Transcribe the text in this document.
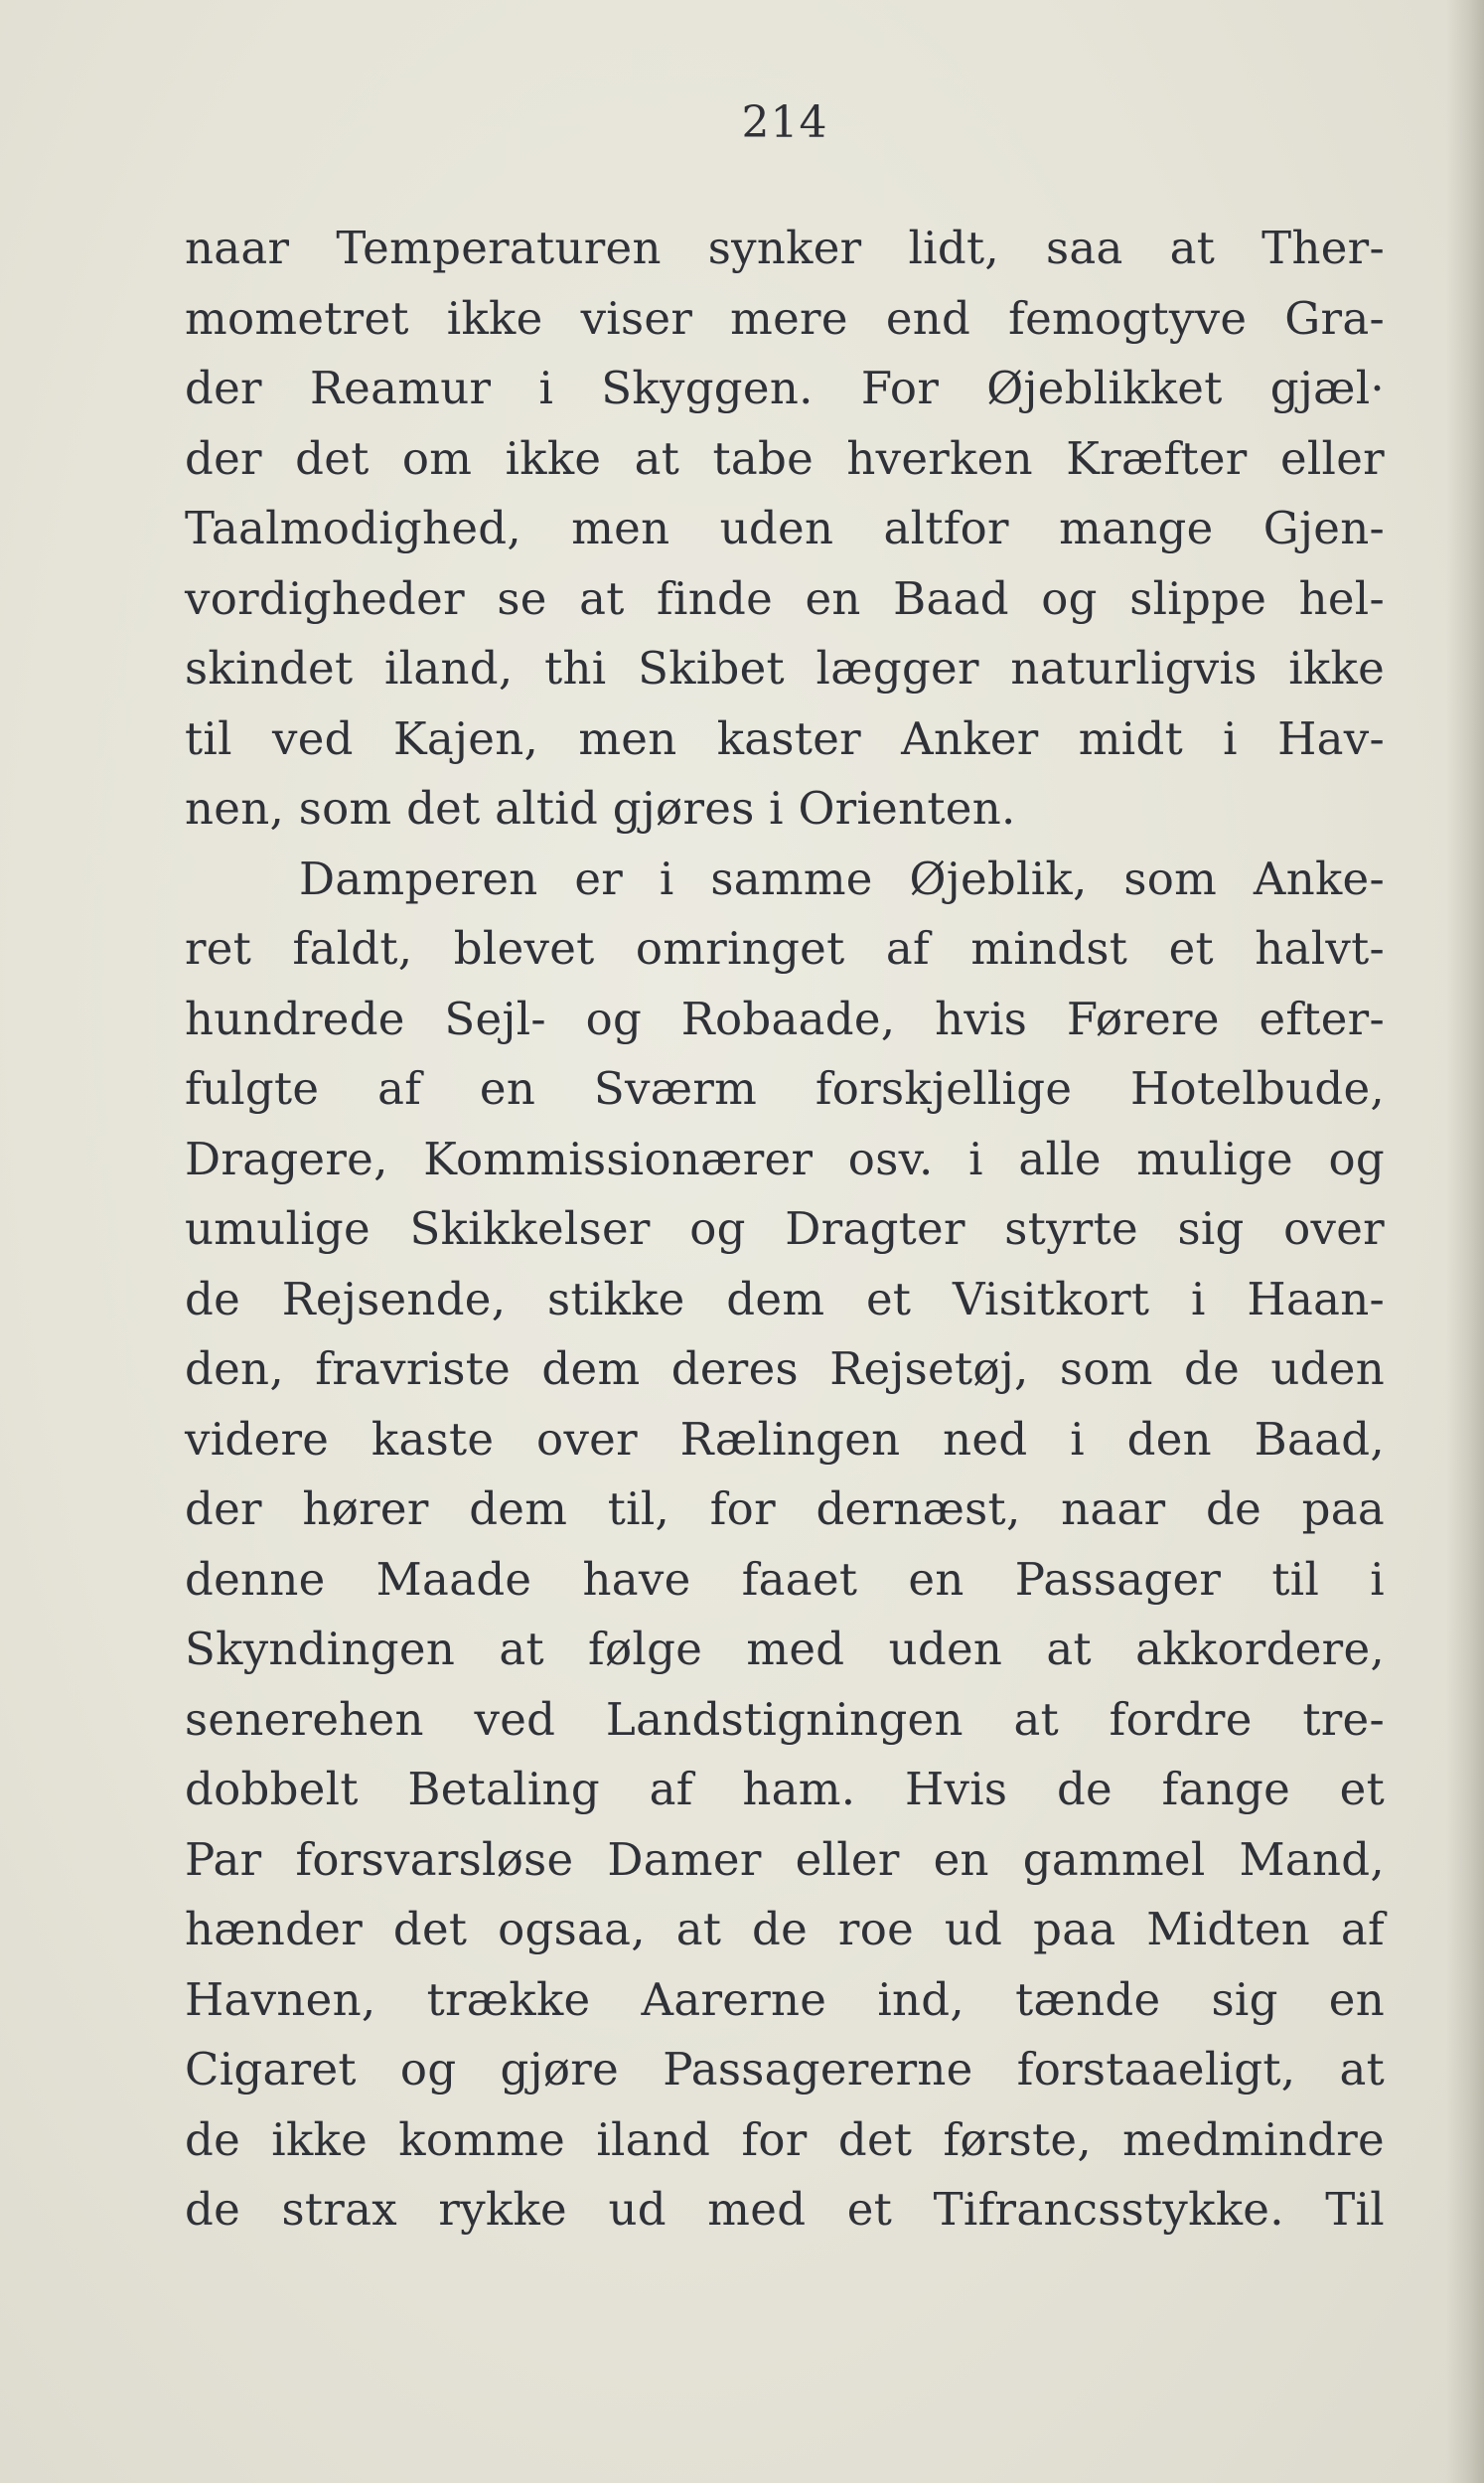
214
naar Temperaturen synker lidt, saa at Ther-
mometret ikke viser mere end femogtyve Gra-
der Reamur i Skyggen. For Øjeblikket gjæl·
der det om ikke at tabe hverken Kræfter eller
Taalmodighed, men uden altfor mange Gjen-
vordigheder se at finde en Baad og slippe hel-
skindet iland, thi Skibet lægger naturligvis ikke
til ved Kajen, men kaster Anker midt i Hav-
nen, som det altid gjøres i Orienten.
Damperen er i samme Øjeblik, som Anke-
ret faldt, blevet omringet af mindst et halvt-
hundrede Sejl- og Robaade, hvis Førere efter-
fulgte af en Sværm forskjellige Hotelbude,
Dragere, Kommissionærer osv. i alle mulige og
umulige Skikkelser og Dragter styrte sig over
de Rejsende, stikke dem et Visitkort i Haan-
den, fravriste dem deres Rejsetøj, som de uden
videre kaste over Rælingen ned i den Baad,
der hører dem til, for dernæst, naar de paa
denne Maade have faaet en Passager til i
Skyndingen at følge med uden at akkordere,
senerehen ved Landstigningen at fordre tre-
dobbelt Betaling af ham. Hvis de fange et
Par forsvarsløse Damer eller en gammel Mand,
hænder det ogsaa, at de roe ud paa Midten af
Havnen, trække Aarerne ind, tænde sig en
Cigaret og gjøre Passagererne forstaaeligt, at
de ikke komme iland for det første, medmindre
de strax rykke ud med et Tifrancsstykke. Til
